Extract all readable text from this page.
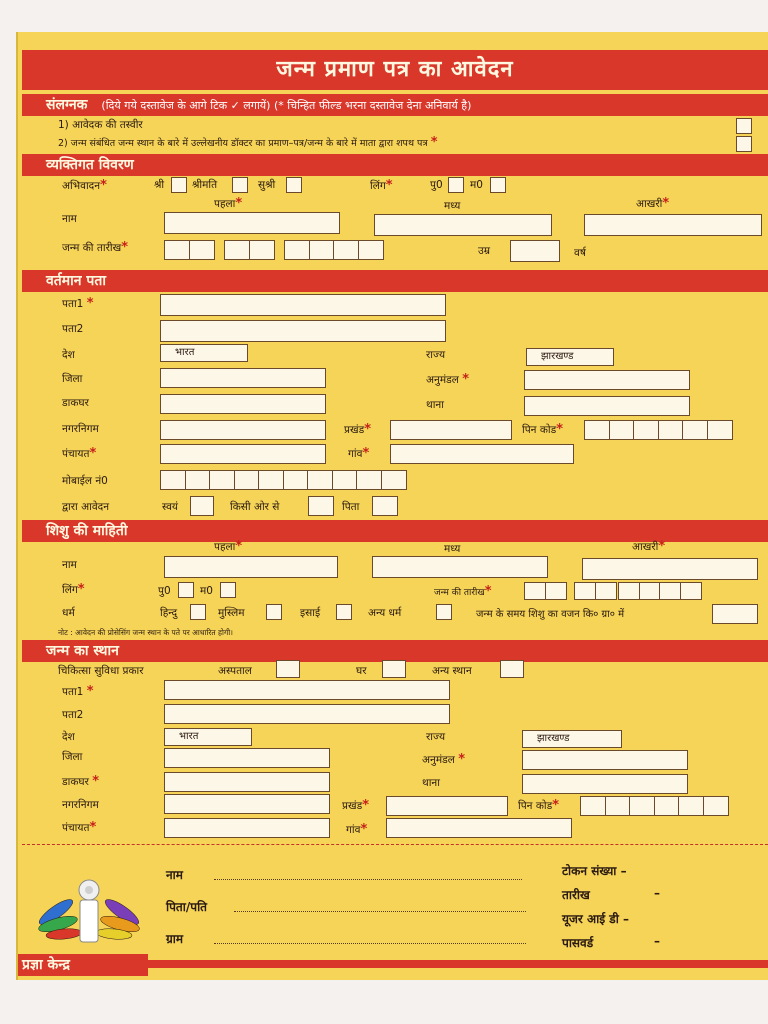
जन्म प्रमाण पत्र का आवेदन
संलग्नक (दिये गये दस्तावेज के आगे टिक ✓ लगायें) (* चिन्हित फील्ड भरना दस्तावेज देना अनिवार्य है)
1) आवेदक की तस्वीर
2) जन्म संबंधित जन्म स्थान के बारे में उल्लेखनीय डॉक्टर का प्रमाण–पत्र/जन्म के बारे में माता द्वारा शपथ पत्र *
व्यक्तिगत विवरण
अभिवादन*	श्री	श्रीमति	सुश्री	लिंग*	पु0	म0
पहला*	मध्य	आखरी*
नाम
जन्म की तारीख*	उम्र	वर्ष
वर्तमान पता
पता1 *
पता2
देश	भारत	राज्य	झारखण्ड
जिला	अनुमंडल *
डाकघर	थाना
नगरनिगम	प्रखंड*	पिन कोड*
पंचायत*	गांव*
मोबाईल नं0
द्वारा आवेदन	स्वयं	किसी ओर से	पिता
शिशु की माहिती
पहला*	मध्य	आखरी*
नाम
लिंग*	पु0	म0	जन्म की तारीख*
धर्म	हिन्दु	मुस्लिम	इसाई	अन्य धर्म	जन्म के समय शिशु का वजन कि० ग्रा० में
नोट : आवेदन की प्रोसेसिंग जन्म स्थान के पते पर आधारित होगी।
जन्म का स्थान
चिकित्सा सुविधा प्रकार	अस्पताल	घर	अन्य स्थान
पता1 *
पता2
देश	भारत	राज्य	झारखण्ड
जिला	अनुमंडल *
डाकघर *	थाना
नगरनिगम	प्रखंड*	पिन कोड*
पंचायत*	गांव*
नाम
पिता/पति
ग्राम
टोकन संख्या –
तारीख	–
यूजर आई डी –
पासवर्ड	–
प्रज्ञा केन्द्र
